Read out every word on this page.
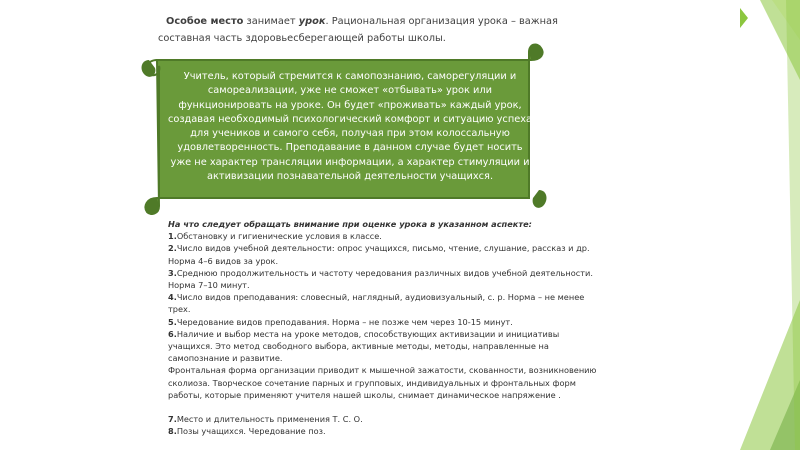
Особое место занимает урок. Рациональная организация урока – важная составная часть здоровьесберегающей работы школы.
Учитель, который стремится к самопознанию, саморегуляции и самореализации, уже не сможет «отбывать» урок или функционировать на уроке. Он будет «проживать» каждый урок, создавая необходимый психологический комфорт и ситуацию успеха для учеников и самого себя, получая при этом колоссальную удовлетворенность. Преподавание в данном случае будет носить уже не характер трансляции информации, а характер стимуляции и активизации познавательной деятельности учащихся.

На что следует обращать внимание при оценке урока в указанном аспекте:

1.Обстановку и гигиенические условия в классе.

2.Число видов учебной деятельности: опрос учащихся, письмо, чтение, слушание, рассказ и др. Норма 4–6 видов за урок.

3.Среднюю продолжительность и частоту чередования различных видов учебной деятельности. Норма 7–10 минут.

4.Число видов преподавания: словесный, наглядный, аудиовизуальный, с. р. Норма – не менее трех.

5.Чередование видов преподавания. Норма – не позже чем через 10-15 минут.

6.Наличие и выбор места на уроке методов, способствующих активизации и инициативы учащихся. Это метод свободного выбора, активные методы, методы, направленные на самопознание и развитие.

Фронтальная форма организации приводит к мышечной зажатости, скованности, возникновению сколиоза. Творческое сочетание парных и групповых, индивидуальных и фронтальных форм работы, которые применяют учителя нашей школы, снимает динамическое напряжение .

7.Место и длительность применения Т. С. О.

8.Позы учащихся. Чередование поз.
